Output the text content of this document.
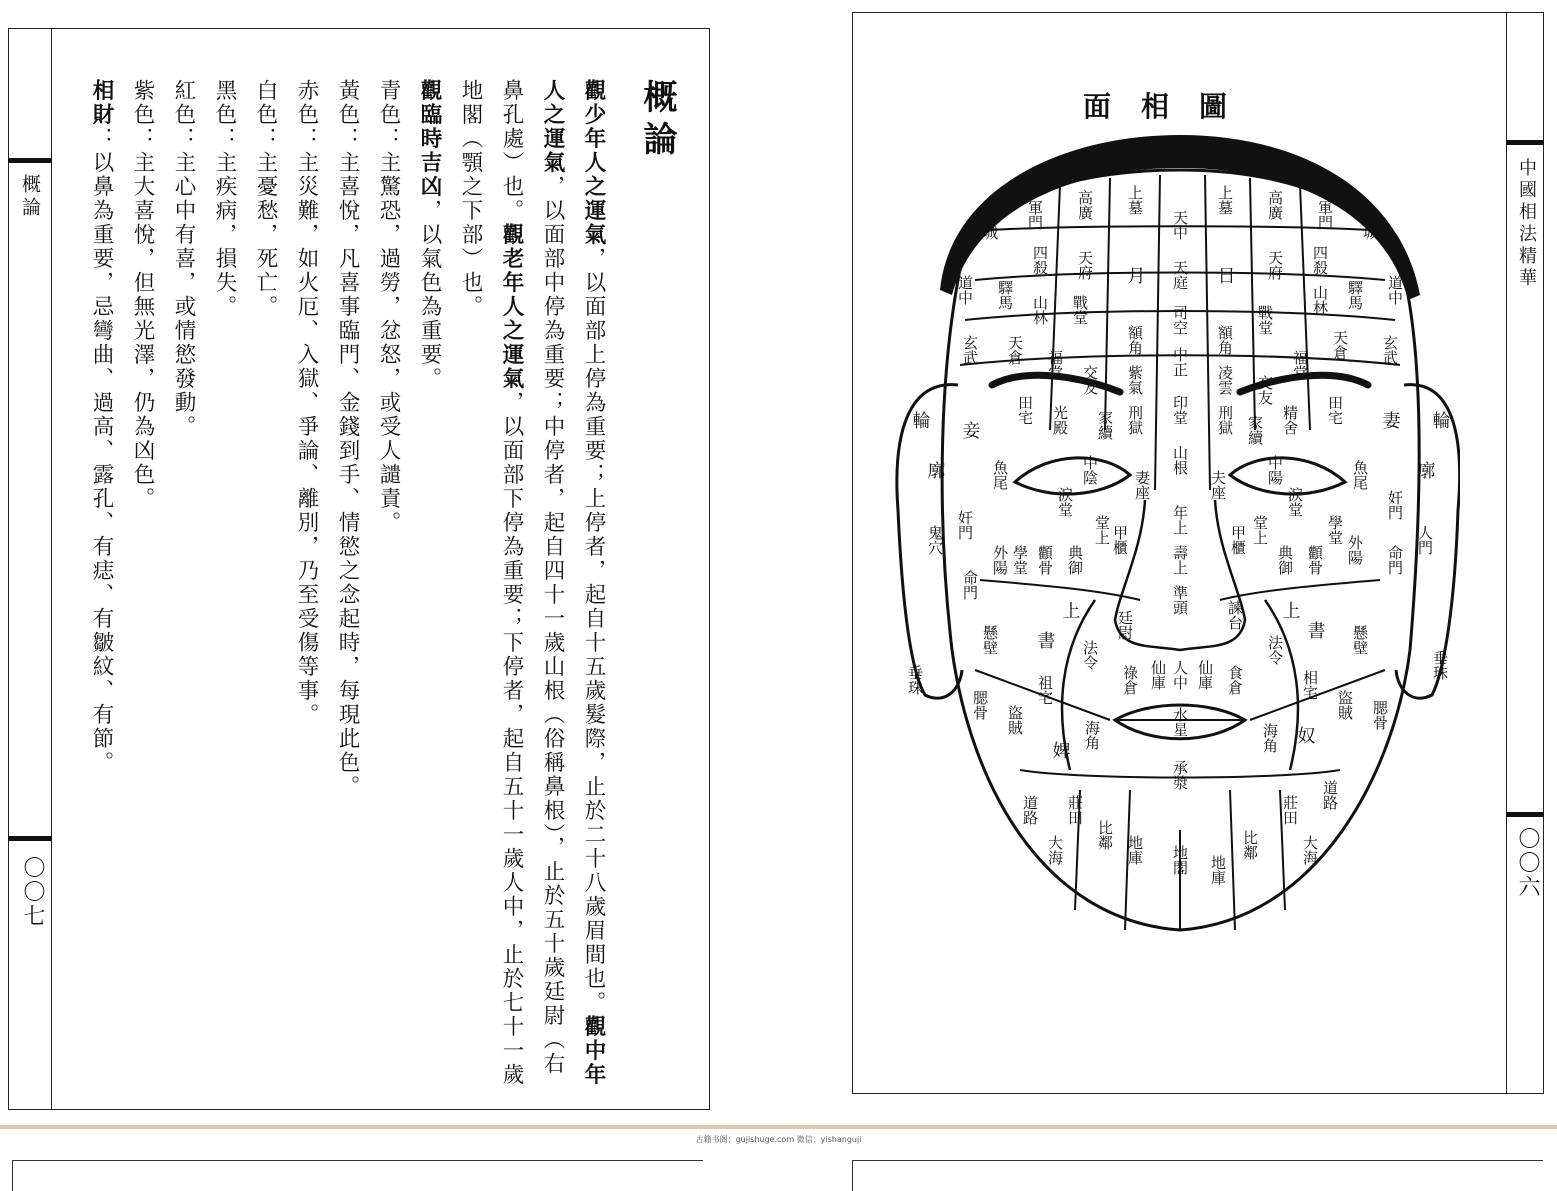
概論
〇〇七

概論

觀少年人之運氣，以面部上停為重要；上停者，起自十五歲髮際，止於二十八歲眉間也。觀中年人之運氣，以面部中停為重要；中停者，起自四十一歲山根（俗稱鼻根），止於五十歲廷尉（右鼻孔處）也。觀老年人之運氣，以面部下停為重要；下停者，起自五十一歲人中，止於七十一歲地閣（顎之下部）也。

觀臨時吉凶，以氣色為重要。

青色：主驚恐，過勞，忿怒，或受人譴責。

黃色：主喜悅，凡喜事臨門、金錢到手、情慾之念起時，每現此色。

赤色：主災難，如火厄、入獄、爭論、離別，乃至受傷等事。

白色：主憂愁，死亡。

黑色：主疾病，損失。

紅色：主心中有喜，或情慾發動。

紫色：主大喜悅，但無光澤，仍為凶色。

相財：以鼻為重要，忌彎曲、過高、露孔、有痣、有皺紋、有節。

面相圖
中國相法精華
〇〇六
天中
天庭
司空
中正
印堂
山根
年上
壽上
準頭
人中
水星
承漿
地閣
上墓	上墓
高廣	高廣
軍門	軍門
邊城	邊城
月	日
天府	天府
四殺	四殺
驛馬	驛馬
道中	道中
山林	山林
戰堂	戰堂
額角	額角
紫氣	凌雲
玄武	玄武
天倉	天倉
福堂	福堂
交友	交友
刑獄	刑獄
家續	家續
光殿	精舍
田宅	田宅
妾
妻
輪	輪
中陰	中陽
淚堂	淚堂
魚尾	魚尾
廓	廓
妻座	夫座
堂上	堂上
甲櫃	甲櫃
典御	典御
顴骨	顴骨
學堂
學堂
外陽	外陽
奸門
奸門
命門
命門
鬼穴	人門
上	上
廷尉	諫台
書
書
懸壁	懸壁
垂珠	垂珠
法令	法令
祖宅	相宅
祿倉 仙庫 仙庫 食倉
盜賊	盜賊
腮骨	腮骨
海角	海角
婢
奴
道路	道路
莊田	莊田
大海	大海
比鄰	比鄰
地庫
地庫
古籍书阁：gujishuge.com 微信：yishanguji
